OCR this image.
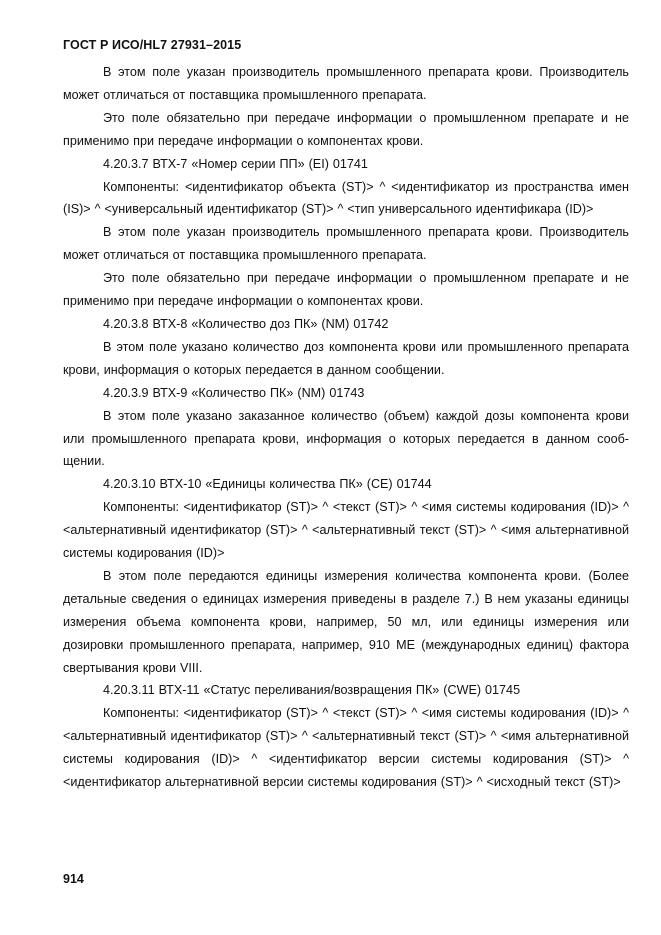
ГОСТ Р ИСО/HL7 27931–2015

В этом поле указан производитель промышленного препарата крови. Производитель может отличаться от поставщика промышленного препарата.

Это поле обязательно при передаче информации о промышленном препарате и не применимо при передаче информации о компонентах крови.

4.20.3.7 ВТХ-7 «Номер серии ПП» (EI) 01741

Компоненты: <идентификатор объекта (ST)> ^ <идентификатор из пространства имен (IS)> ^ <универсальный идентификатор (ST)> ^ <тип универсального идентификара (ID)>

В этом поле указан производитель промышленного препарата крови. Производитель может отличаться от поставщика промышленного препарата.

Это поле обязательно при передаче информации о промышленном препарате и не применимо при передаче информации о компонентах крови.

4.20.3.8 ВТХ-8 «Количество доз ПК» (NM) 01742

В этом поле указано количество доз компонента крови или промышленного препарата крови, информация о которых передается в данном сообщении.

4.20.3.9 ВТХ-9 «Количество ПК» (NM) 01743

В этом поле указано заказанное количество (объем) каждой дозы компонента крови или промышленного препарата крови, информация о которых передается в данном сообщении.

4.20.3.10 ВТХ-10 «Единицы количества ПК» (СЕ) 01744

Компоненты: <идентификатор (ST)> ^ <текст (ST)> ^ <имя системы кодирования (ID)> ^ <альтернативный идентификатор (ST)> ^ <альтернативный текст (ST)> ^ <имя альтернативной системы кодирования (ID)>

В этом поле передаются единицы измерения количества компонента крови. (Более детальные сведения о единицах измерения приведены в разделе 7.) В нем указаны единицы измерения объема компонента крови, например, 50 мл, или единицы измерения или дозировки промышленного препарата, например, 910 ME (международных единиц) фактора свертывания крови VIII.

4.20.3.11 ВТХ-11 «Статус переливания/возвращения ПК» (CWE) 01745

Компоненты: <идентификатор (ST)> ^ <текст (ST)> ^ <имя системы кодирования (ID)> ^ <альтернативный идентификатор (ST)> ^ <альтернативный текст (ST)> ^ <имя альтернативной системы кодирования (ID)> ^ <идентификатор версии системы кодирования (ST)> ^ <идентификатор альтернативной версии системы кодирования (ST)> ^ <исходный текст (ST)>

914
